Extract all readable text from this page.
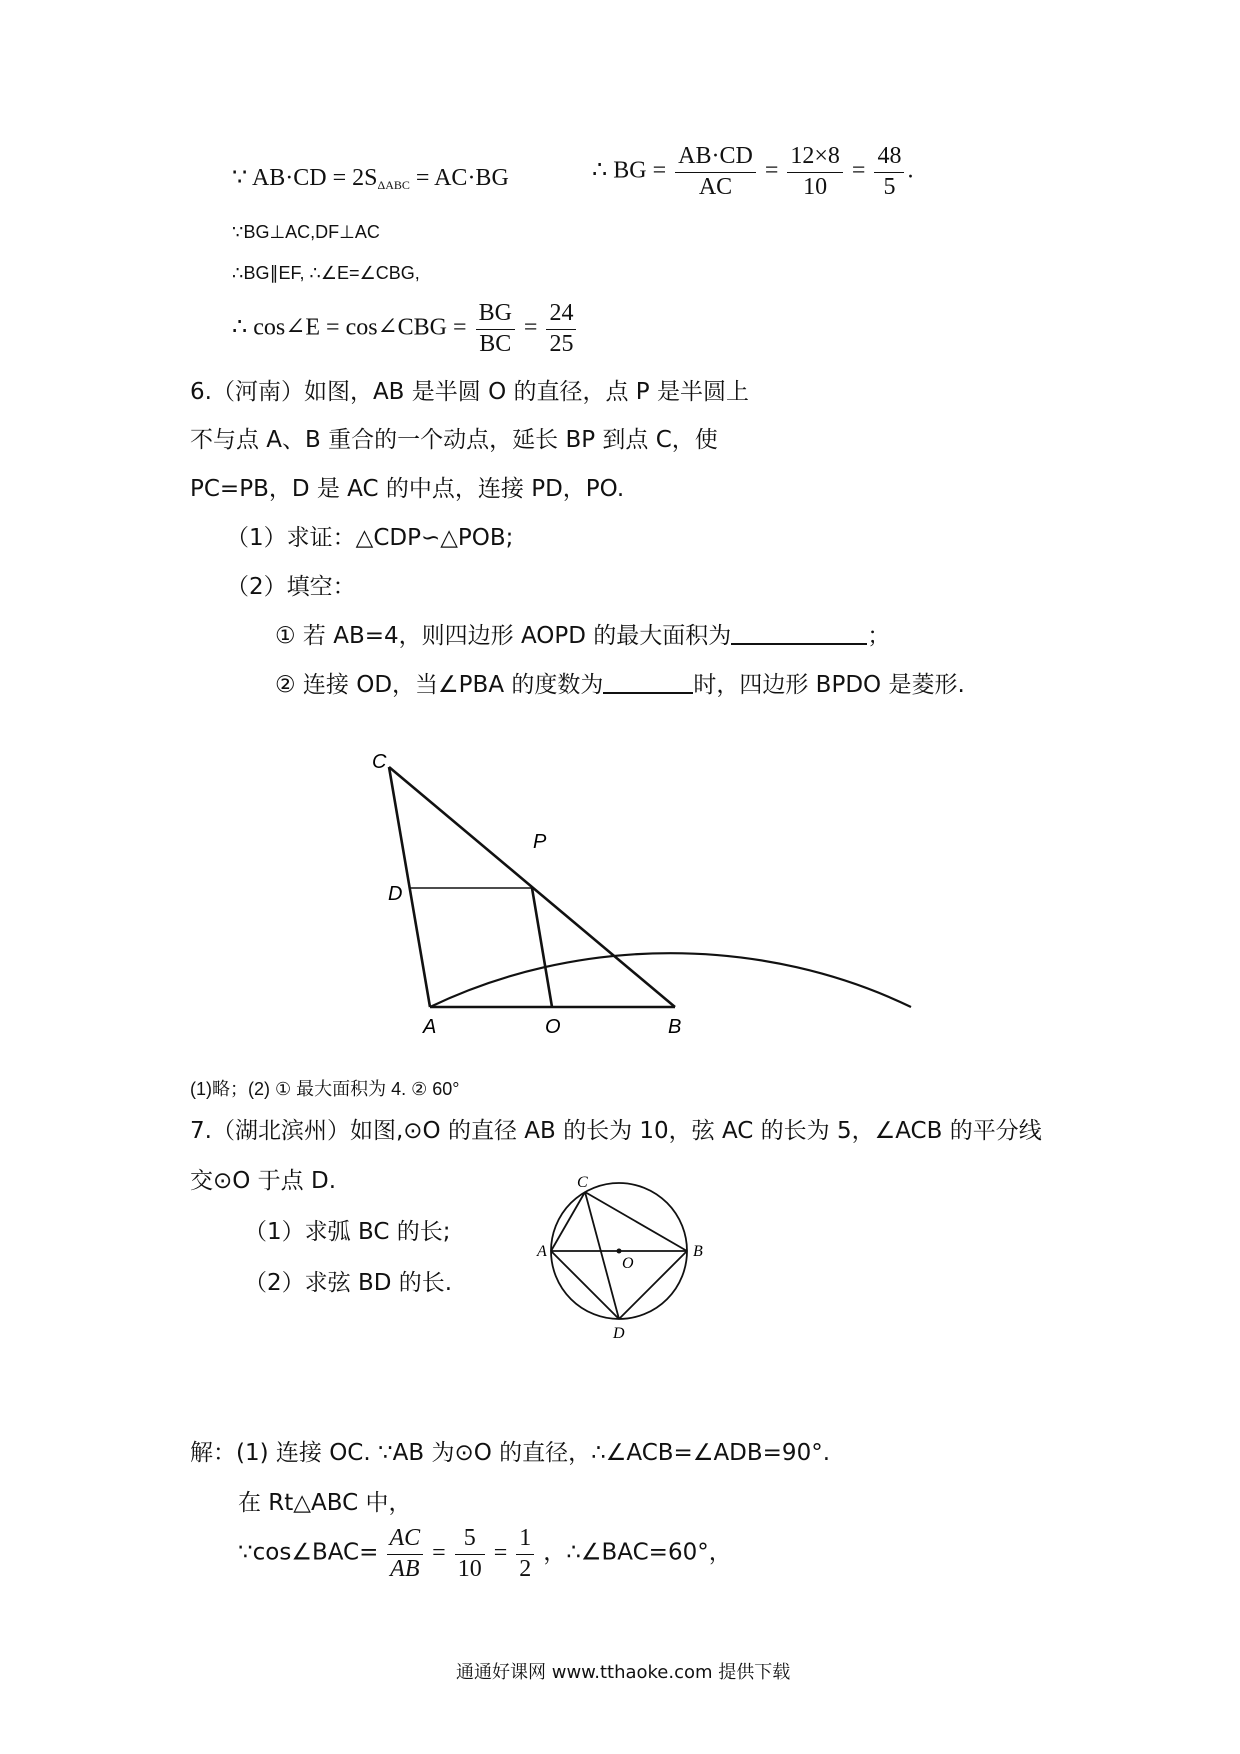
∵ $AB\cdot CD = 2S_{\Delta ABC} = AC\cdot BG$	∴ BG = $\frac{AB\cdot CD}{AC} = \frac{12\times 8}{10} = \frac{48}{5}$ .
∵BG⊥AC,DF⊥AC
∴BG∥EF, ∴∠E=∠CBG,
∴ cos∠E = cos∠CBG = $\frac{BG}{BC} = \frac{24}{25}$
6.（河南）如图，AB 是半圆 O 的直径，点 P 是半圆上
不与点 A、B 重合的一个动点，延长 BP 到点 C，使
PC=PB，D 是 AC 的中点，连接 PD，PO.
（1）求证：△CDP∽△POB;
（2）填空：
① 若 AB=4，则四边形 AOPD 的最大面积为	；
② 连接 OD，当∠PBA 的度数为	时，四边形 BPDO 是菱形.
C
P
D
A	O	B
(1)略；(2) ① 最大面积为 4. ② 60°
7.（湖北滨州）如图,⊙O 的直径 AB 的长为 10，弦 AC 的长为 5，∠ACB 的平分线
交⊙O 于点 D.
（1）求弧 BC 的长;
（2）求弦 BD 的长.
C
A
O
B
D
解：(1) 连接 OC. ∵AB 为⊙O 的直径，∴∠ACB=∠ADB=90°.
在 Rt△ABC 中，
∵cos∠BAC= $\frac{AC}{AB} = \frac{5}{10} = \frac{1}{2}$ ，∴∠BAC=60°，
通通好课网 www.tthaoke.com 提供下载
